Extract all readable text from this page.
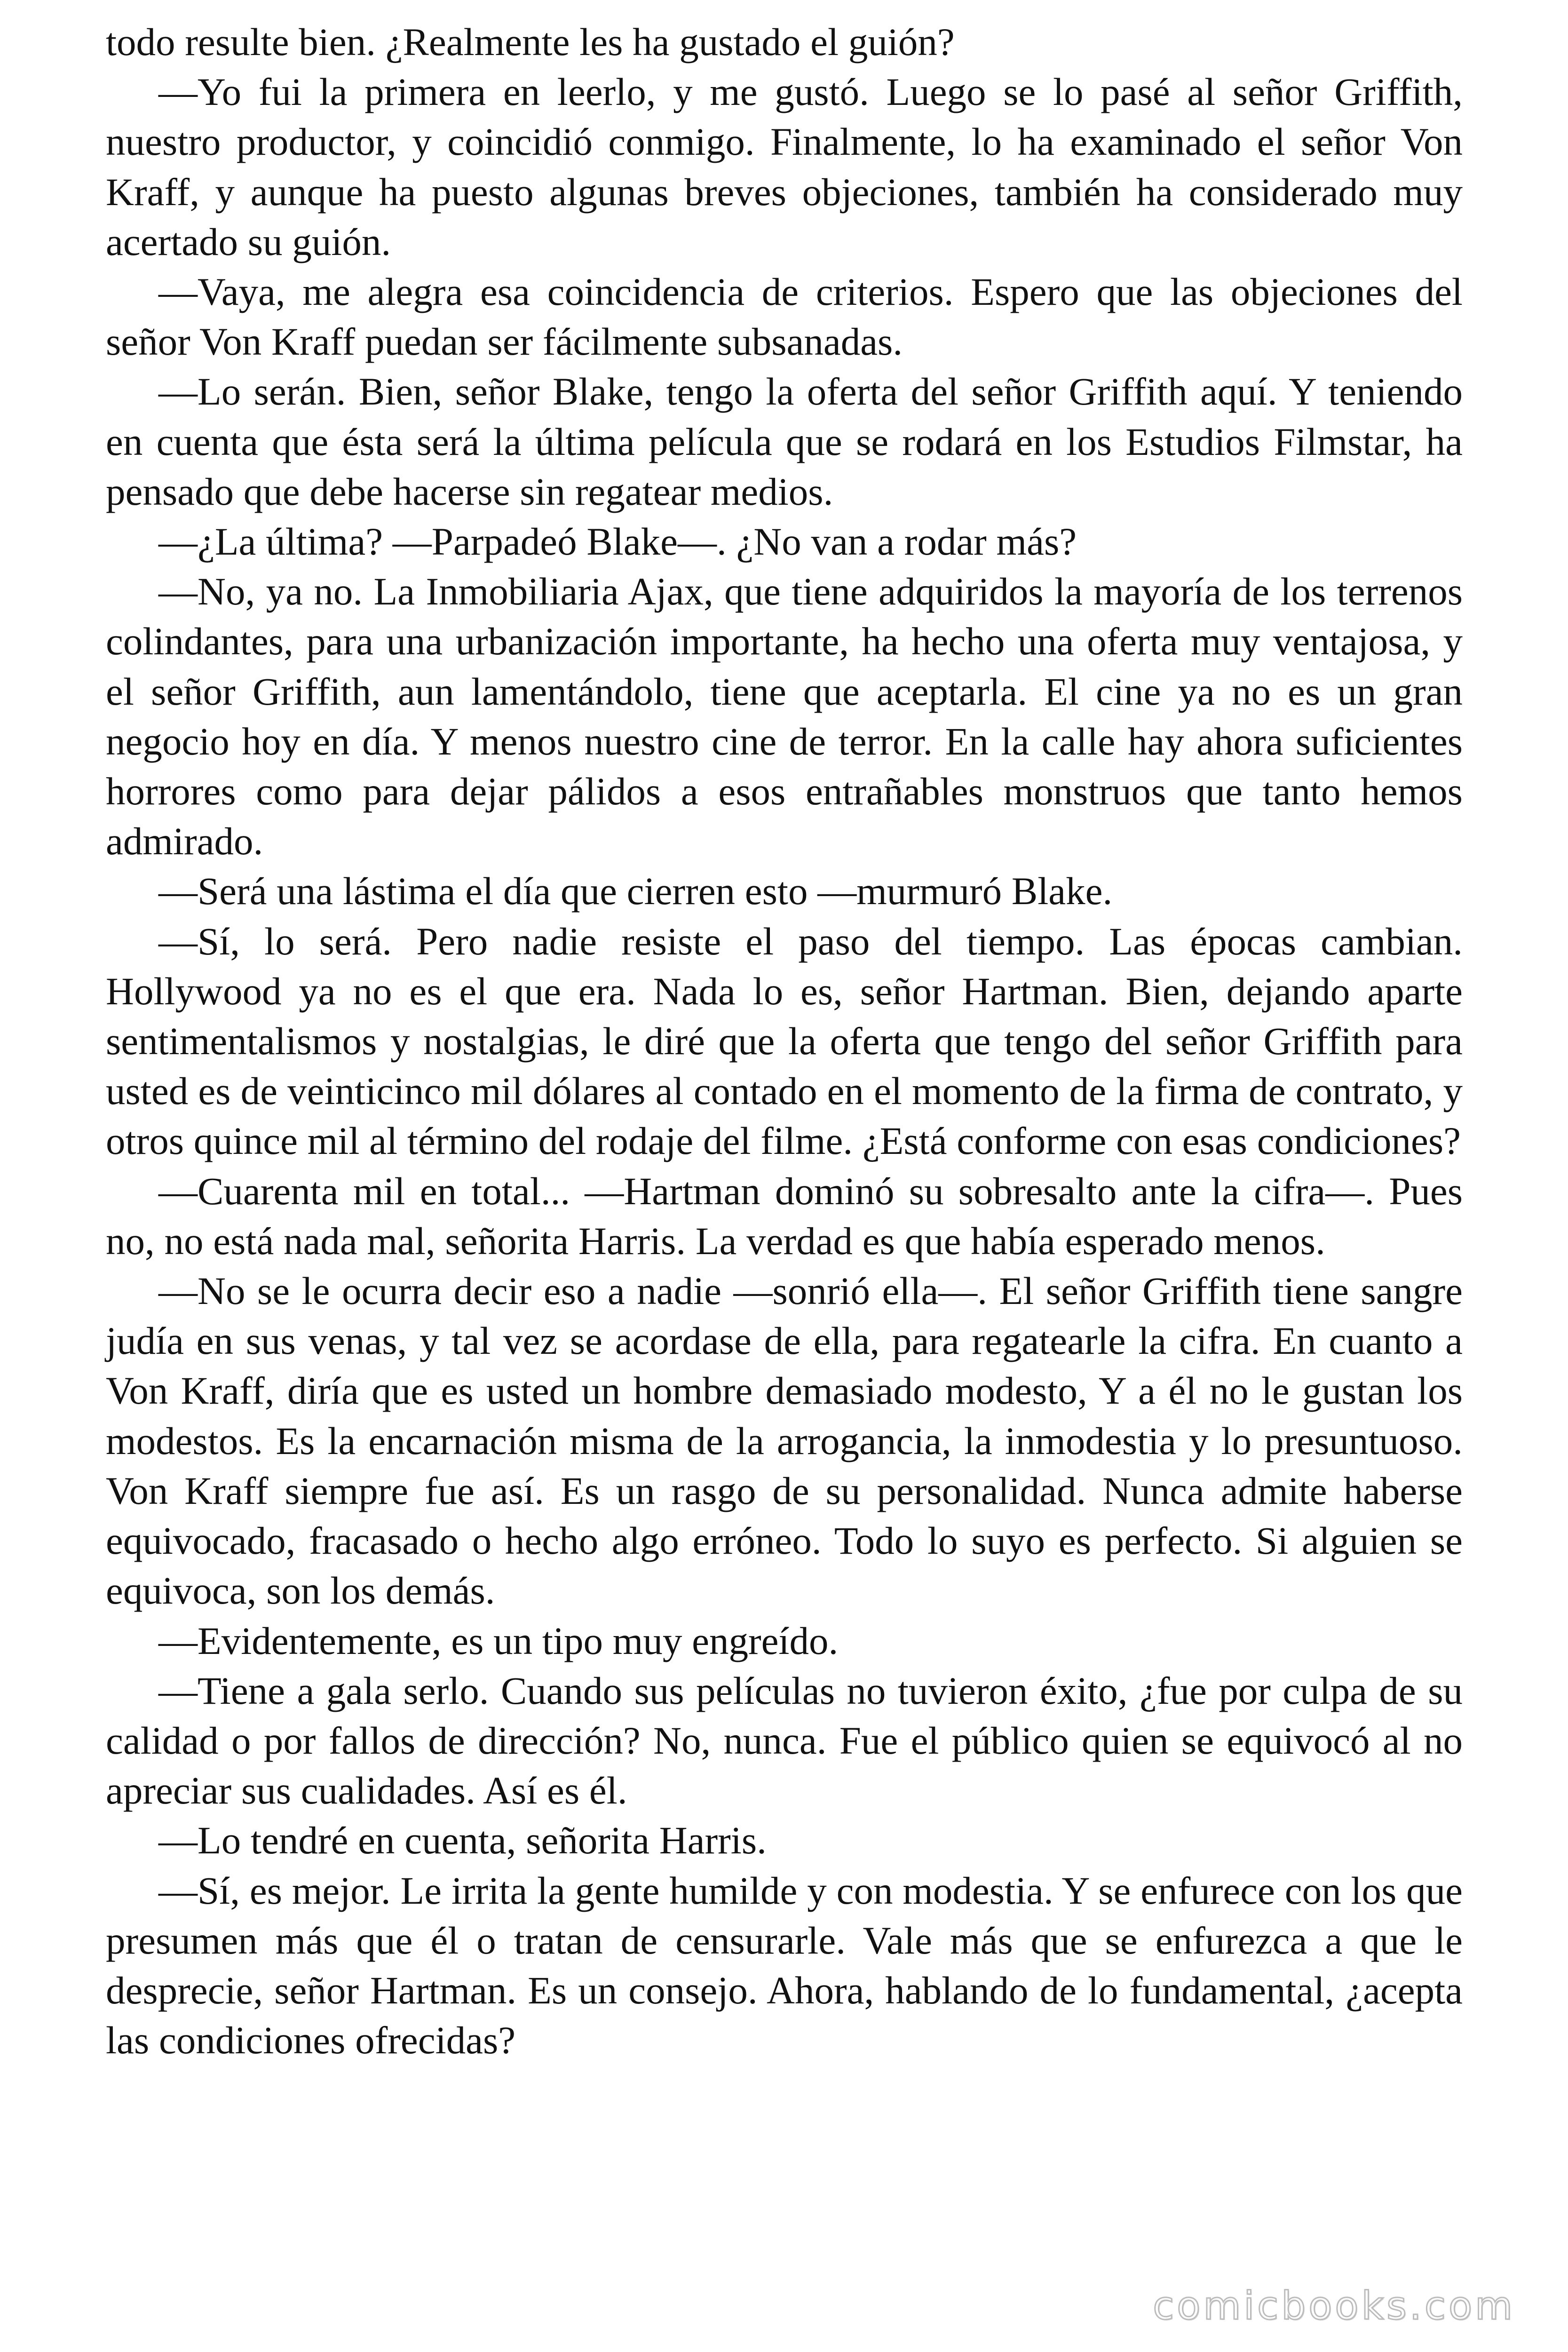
todo resulte bien. ¿Realmente les ha gustado el guión?

—Yo fui la primera en leerlo, y me gustó. Luego se lo pasé al señor Griffith, nuestro productor, y coincidió conmigo. Finalmente, lo ha examinado el señor Von Kraff, y aunque ha puesto algunas breves objeciones, también ha considerado muy acertado su guión.

—Vaya, me alegra esa coincidencia de criterios. Espero que las objeciones del señor Von Kraff puedan ser fácilmente subsanadas.

—Lo serán. Bien, señor Blake, tengo la oferta del señor Griffith aquí. Y teniendo en cuenta que ésta será la última película que se rodará en los Estudios Filmstar, ha pensado que debe hacerse sin regatear medios.

—¿La última? —Parpadeó Blake—. ¿No van a rodar más?

—No, ya no. La Inmobiliaria Ajax, que tiene adquiridos la mayoría de los terrenos colindantes, para una urbanización importante, ha hecho una oferta muy ventajosa, y el señor Griffith, aun lamentándolo, tiene que aceptarla. El cine ya no es un gran negocio hoy en día. Y menos nuestro cine de terror. En la calle hay ahora suficientes horrores como para dejar pálidos a esos entrañables monstruos que tanto hemos admirado.

—Será una lástima el día que cierren esto —murmuró Blake.

—Sí, lo será. Pero nadie resiste el paso del tiempo. Las épocas cambian. Hollywood ya no es el que era. Nada lo es, señor Hartman. Bien, dejando aparte sentimentalismos y nostalgias, le diré que la oferta que tengo del señor Griffith para usted es de veinticinco mil dólares al contado en el momento de la firma de contrato, y otros quince mil al término del rodaje del filme. ¿Está conforme con esas condiciones?

—Cuarenta mil en total... —Hartman dominó su sobresalto ante la cifra—. Pues no, no está nada mal, señorita Harris. La verdad es que había esperado menos.

—No se le ocurra decir eso a nadie —sonrió ella—. El señor Griffith tiene sangre judía en sus venas, y tal vez se acordase de ella, para regatearle la cifra. En cuanto a Von Kraff, diría que es usted un hombre demasiado modesto, Y a él no le gustan los modestos. Es la encarnación misma de la arrogancia, la inmodestia y lo presuntuoso. Von Kraff siempre fue así. Es un rasgo de su personalidad. Nunca admite haberse equivocado, fracasado o hecho algo erróneo. Todo lo suyo es perfecto. Si alguien se equivoca, son los demás.

—Evidentemente, es un tipo muy engreído.

—Tiene a gala serlo. Cuando sus películas no tuvieron éxito, ¿fue por culpa de su calidad o por fallos de dirección? No, nunca. Fue el público quien se equivocó al no apreciar sus cualidades. Así es él.

—Lo tendré en cuenta, señorita Harris.

—Sí, es mejor. Le irrita la gente humilde y con modestia. Y se enfurece con los que presumen más que él o tratan de censurarle. Vale más que se enfurezca a que le desprecie, señor Hartman. Es un consejo. Ahora, hablando de lo fundamental, ¿acepta las condiciones ofrecidas?

comicbooks.com
